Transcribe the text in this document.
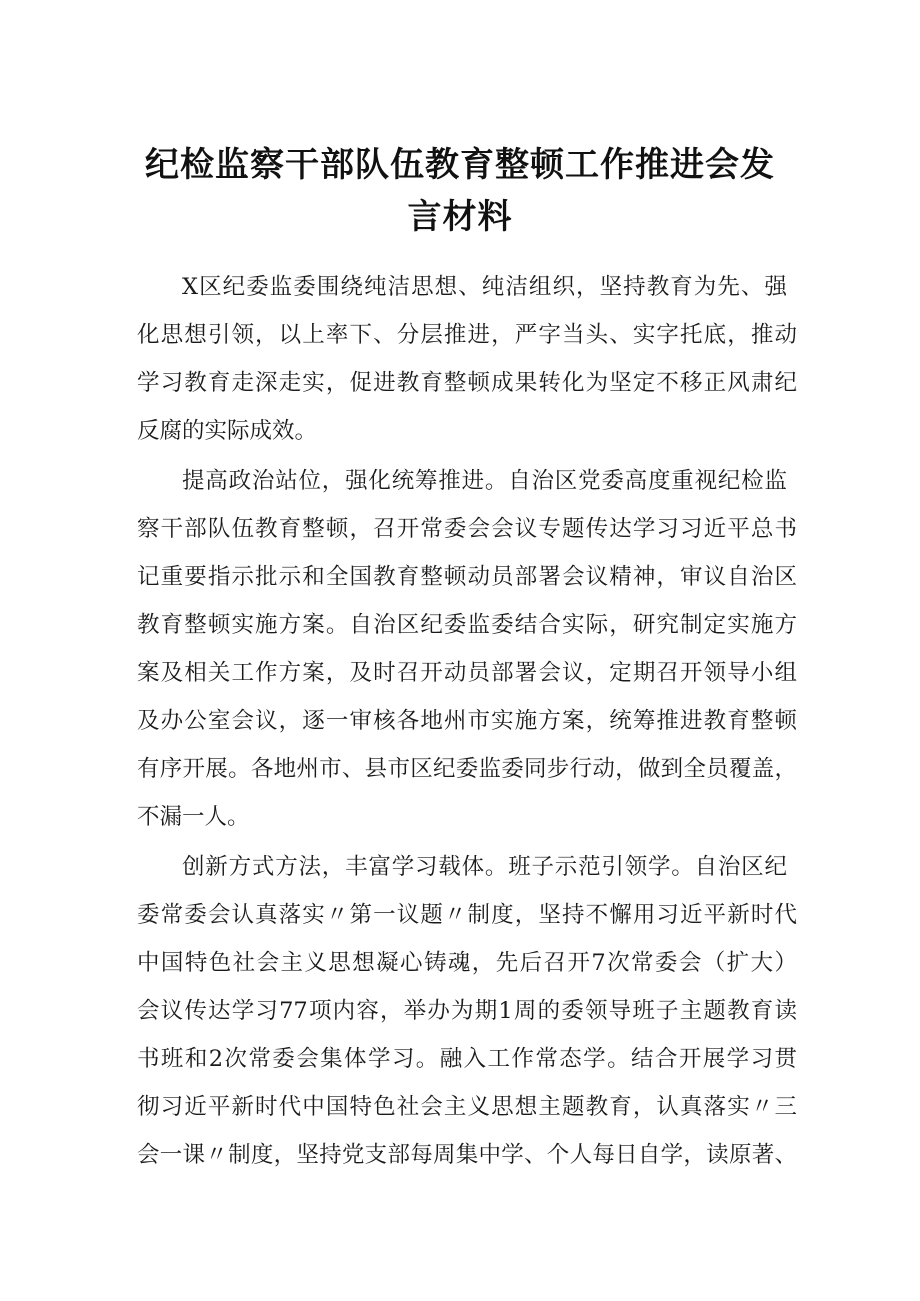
纪检监察干部队伍教育整顿工作推进会发
言材料
X区纪委监委围绕纯洁思想、纯洁组织，坚持教育为先、强
化思想引领，以上率下、分层推进，严字当头、实字托底，推动
学习教育走深走实，促进教育整顿成果转化为坚定不移正风肃纪
反腐的实际成效。
提高政治站位，强化统筹推进。自治区党委高度重视纪检监
察干部队伍教育整顿，召开常委会会议专题传达学习习近平总书
记重要指示批示和全国教育整顿动员部署会议精神，审议自治区
教育整顿实施方案。自治区纪委监委结合实际，研究制定实施方
案及相关工作方案，及时召开动员部署会议，定期召开领导小组
及办公室会议，逐一审核各地州市实施方案，统筹推进教育整顿
有序开展。各地州市、县市区纪委监委同步行动，做到全员覆盖，
不漏一人。
创新方式方法，丰富学习载体。班子示范引领学。自治区纪
委常委会认真落实〃第一议题〃制度，坚持不懈用习近平新时代
中国特色社会主义思想凝心铸魂，先后召开7次常委会（扩大）
会议传达学习77项内容，举办为期1周的委领导班子主题教育读
书班和2次常委会集体学习。融入工作常态学。结合开展学习贯
彻习近平新时代中国特色社会主义思想主题教育，认真落实〃三
会一课〃制度，坚持党支部每周集中学、个人每日自学，读原著、
